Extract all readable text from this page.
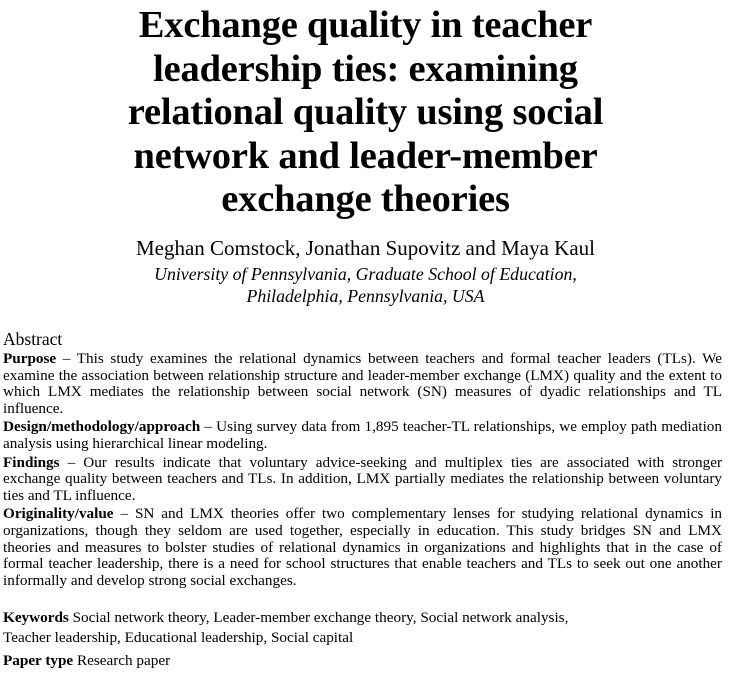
Exchange quality in teacher
leadership ties: examining
relational quality using social
network and leader-member
exchange theories
Meghan Comstock, Jonathan Supovitz and Maya Kaul
University of Pennsylvania, Graduate School of Education,
Philadelphia, Pennsylvania, USA
Abstract

Purpose – This study examines the relational dynamics between teachers and formal teacher leaders (TLs). We examine the association between relationship structure and leader-member exchange (LMX) quality and the extent to which LMX mediates the relationship between social network (SN) measures of dyadic relationships and TL influence.

Design/methodology/approach – Using survey data from 1,895 teacher-TL relationships, we employ path mediation analysis using hierarchical linear modeling.

Findings – Our results indicate that voluntary advice-seeking and multiplex ties are associated with stronger exchange quality between teachers and TLs. In addition, LMX partially mediates the relationship between voluntary ties and TL influence.

Originality/value – SN and LMX theories offer two complementary lenses for studying relational dynamics in organizations, though they seldom are used together, especially in education. This study bridges SN and LMX theories and measures to bolster studies of relational dynamics in organizations and highlights that in the case of formal teacher leadership, there is a need for school structures that enable teachers and TLs to seek out one another informally and develop strong social exchanges.

Keywords Social network theory, Leader-member exchange theory, Social network analysis,
Teacher leadership, Educational leadership, Social capital
Paper type Research paper
